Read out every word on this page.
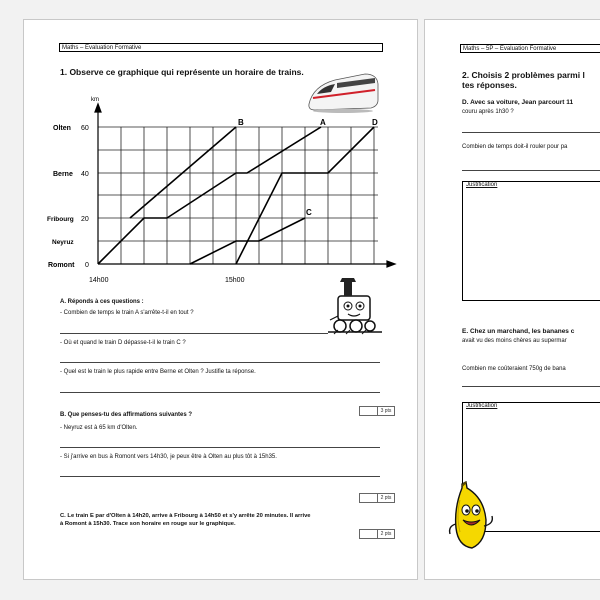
Maths – Evaluation Formative
1. Observe ce graphique qui représente un horaire de trains.
km
Olten
Berne
Fribourg
Neyruz
Romont
60
40
20
0
14h00	15h00
B	A	D
C
A. Réponds à ces questions :
- Combien de temps le train A s'arrête-t-il en tout ?
- Où et quand le train D dépasse-t-il le train C ?
- Quel est le train le plus rapide entre Berne et Olten ? Justifie ta réponse.
3 pts
B. Que penses-tu des affirmations suivantes ?
- Neyruz est à 65 km d'Olten.
- Si j'arrive en bus à Romont vers 14h30, je peux être à Olten au plus tôt à 15h35.
2 pts
C. Le train E par d'Olten à 14h20, arrive à Fribourg à 14h50 et s'y arrête 20 minutes. Il arrive
à Romont à 15h30. Trace son horaire en rouge sur le graphique.
2 pts
Maths – 5P – Evaluation Formative
2. Choisis 2 problèmes parmi l
tes réponses.
D. Avec sa voiture, Jean parcourt 11
couru après 1h30 ?
Combien de temps doit-il rouler pour pa
Justification
E. Chez un marchand, les bananes c
avait vu des moins chères au supermar
Combien me coûteraient 750g de bana
Justification
